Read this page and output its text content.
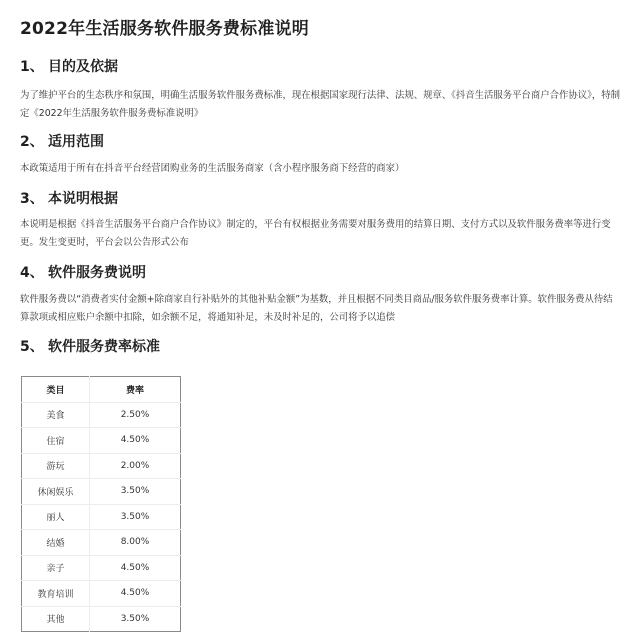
2022年生活服务软件服务费标准说明
1、 目的及依据
为了维护平台的生态秩序和氛围，明确生活服务软件服务费标准，现在根据国家现行法律、法规、规章、《抖音生活服务平台商户合作协议》，特制定《2022年生活服务软件服务费标准说明》
2、 适用范围
本政策适用于所有在抖音平台经营团购业务的生活服务商家（含小程序服务商下经营的商家）
3、 本说明根据
本说明是根据《抖音生活服务平台商户合作协议》制定的，平台有权根据业务需要对服务费用的结算日期、支付方式以及软件服务费率等进行变更。发生变更时，平台会以公告形式公布
4、 软件服务费说明
软件服务费以“消费者实付金额+除商家自行补贴外的其他补贴金额”为基数，并且根据不同类目商品/服务软件服务费率计算。软件服务费从待结算款项或相应账户余额中扣除，如余额不足，将通知补足，未及时补足的，公司将予以追偿
5、 软件服务费率标准
类目	费率
美食	2.50%
住宿	4.50%
游玩	2.00%
休闲娱乐	3.50%
丽人	3.50%
结婚	8.00%
亲子	4.50%
教育培训	4.50%
其他	3.50%
